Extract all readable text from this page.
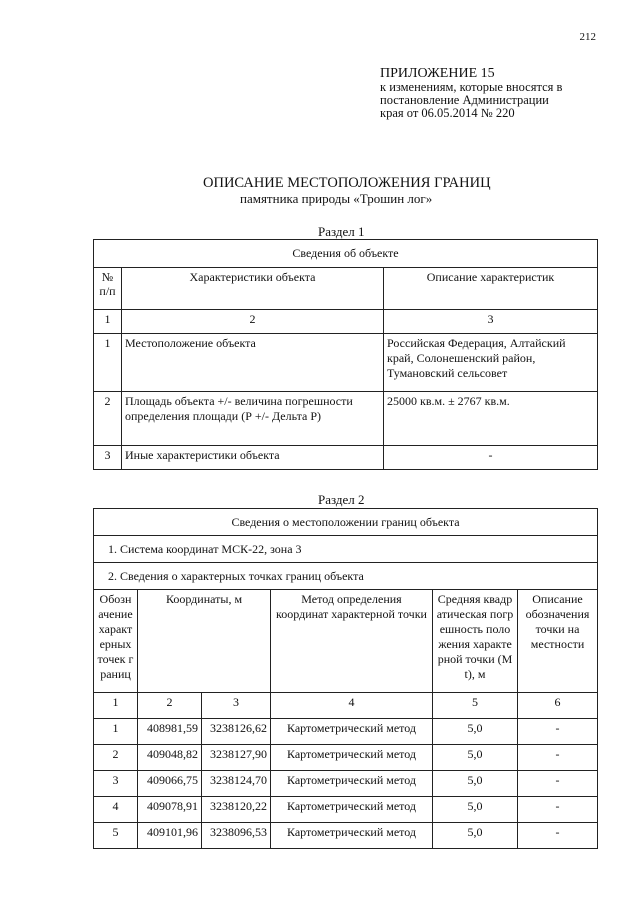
212
ПРИЛОЖЕНИЕ 15
к изменениям, которые вносятся в
постановление Администрации
края от 06.05.2014 № 220
ОПИСАНИЕ МЕСТОПОЛОЖЕНИЯ ГРАНИЦ
памятника природы «Трошин лог»
Раздел 1
Сведения об объекте		
№
п/п	Характеристики объекта	Описание характеристик
1	2	3
1	Местоположение объекта	Российская Федерация, Алтайский край, Солонешенский район, Тумановский сельсовет
2	Площадь объекта +/- величина погрешности определения площади (Р +/- Дельта Р)	25000 кв.м. ± 2767 кв.м.
3	Иные характеристики объекта	-
Раздел 2
Сведения о местоположении границ объекта					
1. Система координат МСК-22, зона 3					
2. Сведения о характерных точках границ объекта					
Обозначение характерных точек границ	Координаты, м		Метод определения координат характерной точки	Средняя квадратическая погрешность положения характерной точки (Mt), м	Описание обозначения точки на местности
1	2	3	4	5	6
1	408981,59	3238126,62	Картометрический метод	5,0	-
2	409048,82	3238127,90	Картометрический метод	5,0	-
3	409066,75	3238124,70	Картометрический метод	5,0	-
4	409078,91	3238120,22	Картометрический метод	5,0	-
5	409101,96	3238096,53	Картометрический метод	5,0	-
